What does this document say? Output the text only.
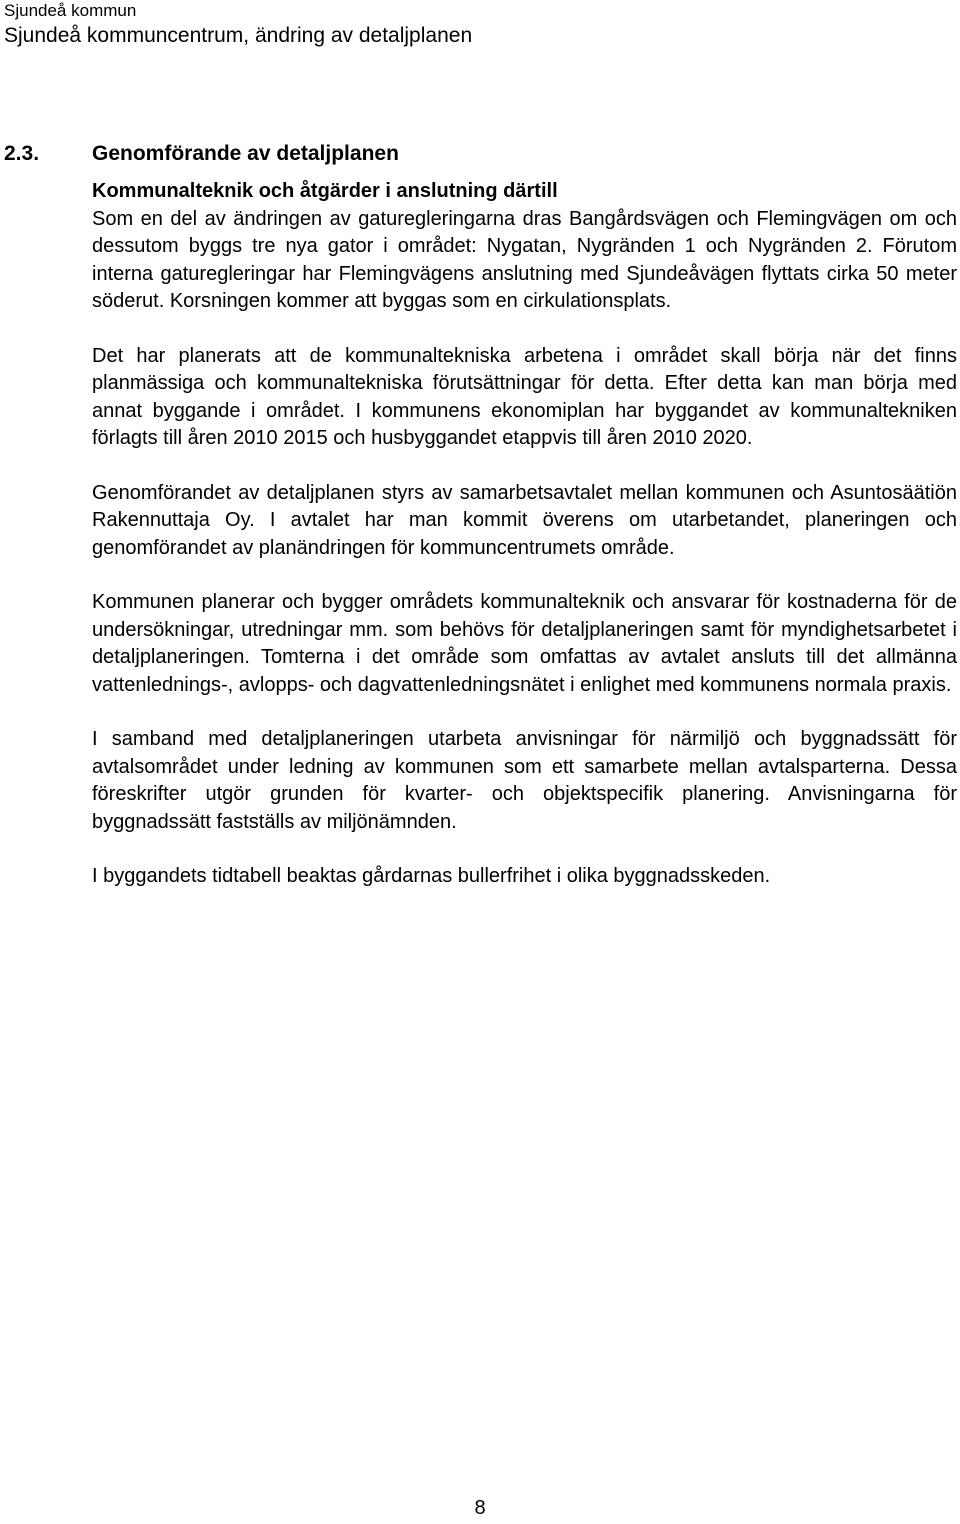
Sjundeå kommun
Sjundeå kommuncentrum, ändring av detaljplanen
2.3.	Genomförande av detaljplanen
Kommunalteknik och åtgärder i anslutning därtill

Som en del av ändringen av gaturegleringarna dras Bangårdsvägen och Flemingvägen om och dessutom byggs tre nya gator i området: Nygatan, Nygränden 1 och Nygränden 2. Förutom interna gaturegleringar har Flemingvägens anslutning med Sjundeåvägen flyttats cirka 50 meter söderut. Korsningen kommer att byggas som en cirkulationsplats.

Det har planerats att de kommunaltekniska arbetena i området skall börja när det finns planmässiga och kommunaltekniska förutsättningar för detta. Efter detta kan man börja med annat byggande i området. I kommunens ekonomiplan har byggandet av kommunaltekniken förlagts till åren 2010 2015 och husbyggandet etappvis till åren 2010 2020.

Genomförandet av detaljplanen styrs av samarbetsavtalet mellan kommunen och Asuntosäätiön Rakennuttaja Oy. I avtalet har man kommit överens om utarbetandet, planeringen och genomförandet av planändringen för kommuncentrumets område.

Kommunen planerar och bygger områdets kommunalteknik och ansvarar för kostnaderna för de undersökningar, utredningar mm. som behövs för detaljplaneringen samt för myndighetsarbetet i detaljplaneringen. Tomterna i det område som omfattas av avtalet ansluts till det allmänna vattenlednings-, avlopps- och dagvattenledningsnätet i enlighet med kommunens normala praxis.

I samband med detaljplaneringen utarbeta anvisningar för närmiljö och byggnadssätt för avtalsområdet under ledning av kommunen som ett samarbete mellan avtalsparterna. Dessa föreskrifter utgör grunden för kvarter- och objektspecifik planering. Anvisningarna för byggnadssätt fastställs av miljönämnden.

I byggandets tidtabell beaktas gårdarnas bullerfrihet i olika byggnadsskeden.

8
